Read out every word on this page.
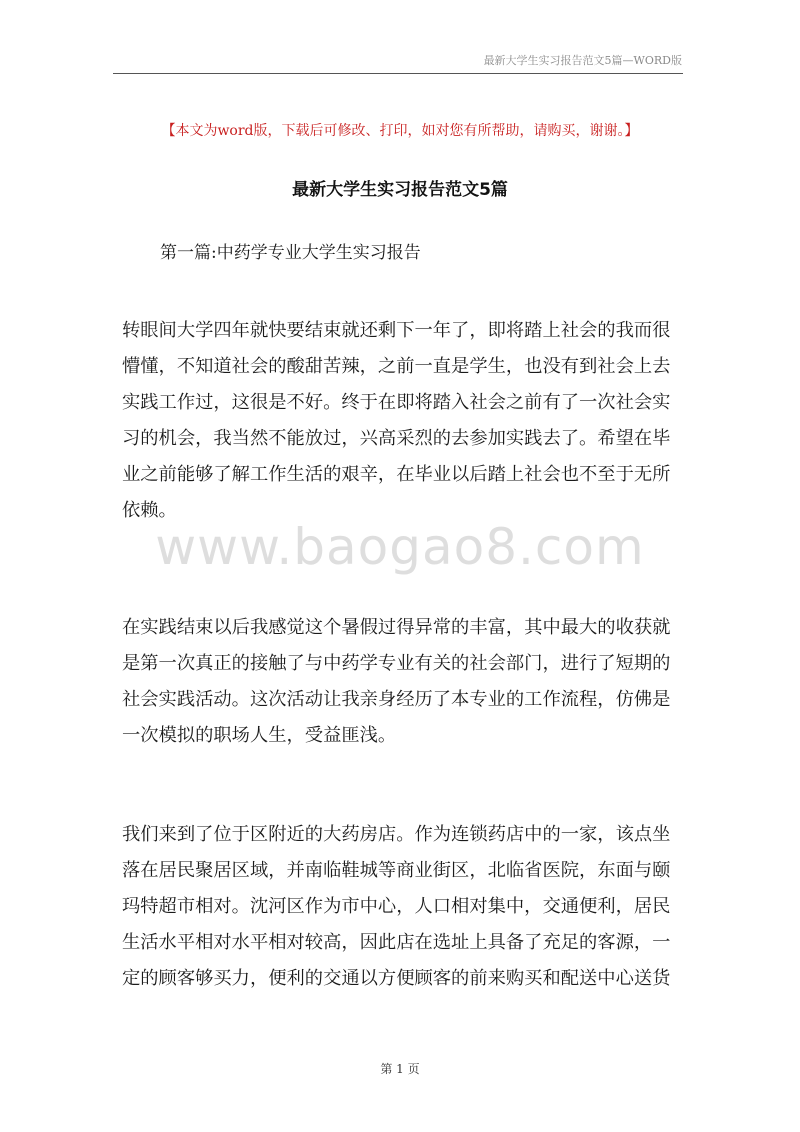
最新大学生实习报告范文5篇—WORD版
【本文为word版，下载后可修改、打印，如对您有所帮助，请购买，谢谢。】
最新大学生实习报告范文5篇
第一篇:中药学专业大学生实习报告
转眼间大学四年就快要结束就还剩下一年了，即将踏上社会的我而很
懵懂，不知道社会的酸甜苦辣，之前一直是学生，也没有到社会上去
实践工作过，这很是不好。终于在即将踏入社会之前有了一次社会实
习的机会，我当然不能放过，兴高采烈的去参加实践去了。希望在毕
业之前能够了解工作生活的艰辛，在毕业以后踏上社会也不至于无所
依赖。
www.baogao8.com
在实践结束以后我感觉这个暑假过得异常的丰富，其中最大的收获就
是第一次真正的接触了与中药学专业有关的社会部门，进行了短期的
社会实践活动。这次活动让我亲身经历了本专业的工作流程，仿佛是
一次模拟的职场人生，受益匪浅。
我们来到了位于区附近的大药房店。作为连锁药店中的一家，该点坐
落在居民聚居区域，并南临鞋城等商业街区，北临省医院，东面与颐
玛特超市相对。沈河区作为市中心，人口相对集中，交通便利，居民
生活水平相对水平相对较高，因此店在选址上具备了充足的客源，一
定的顾客够买力，便利的交通以方便顾客的前来购买和配送中心送货
第 1 页
